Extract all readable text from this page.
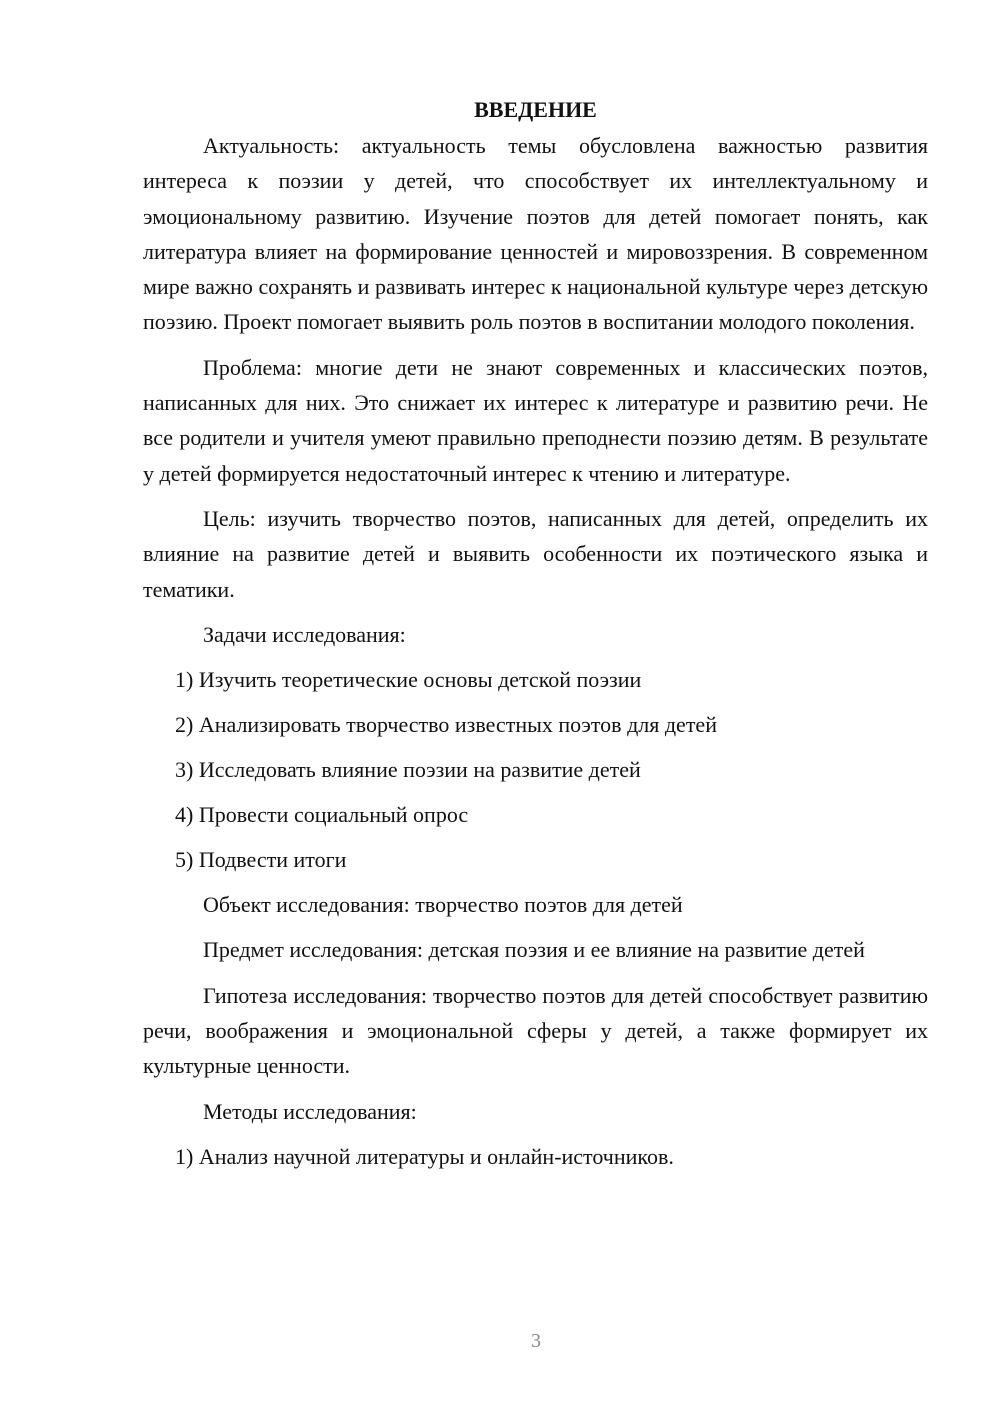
ВВЕДЕНИЕ

Актуальность: актуальность темы обусловлена важностью развития интереса к поэзии у детей, что способствует их интеллектуальному и эмоциональному развитию. Изучение поэтов для детей помогает понять, как литература влияет на формирование ценностей и мировоззрения. В современном мире важно сохранять и развивать интерес к национальной культуре через детскую поэзию. Проект помогает выявить роль поэтов в воспитании молодого поколения.

Проблема: многие дети не знают современных и классических поэтов, написанных для них. Это снижает их интерес к литературе и развитию речи. Не все родители и учителя умеют правильно преподнести поэзию детям. В результате у детей формируется недостаточный интерес к чтению и литературе.

Цель: изучить творчество поэтов, написанных для детей, определить их влияние на развитие детей и выявить особенности их поэтического языка и тематики.

Задачи исследования:

1) Изучить теоретические основы детской поэзии
2) Анализировать творчество известных поэтов для детей
3) Исследовать влияние поэзии на развитие детей
4) Провести социальный опрос
5) Подвести итоги

Объект исследования: творчество поэтов для детей

Предмет исследования: детская поэзия и ее влияние на развитие детей

Гипотеза исследования: творчество поэтов для детей способствует развитию речи, воображения и эмоциональной сферы у детей, а также формирует их культурные ценности.

Методы исследования:

1) Анализ научной литературы и онлайн-источников.
3
